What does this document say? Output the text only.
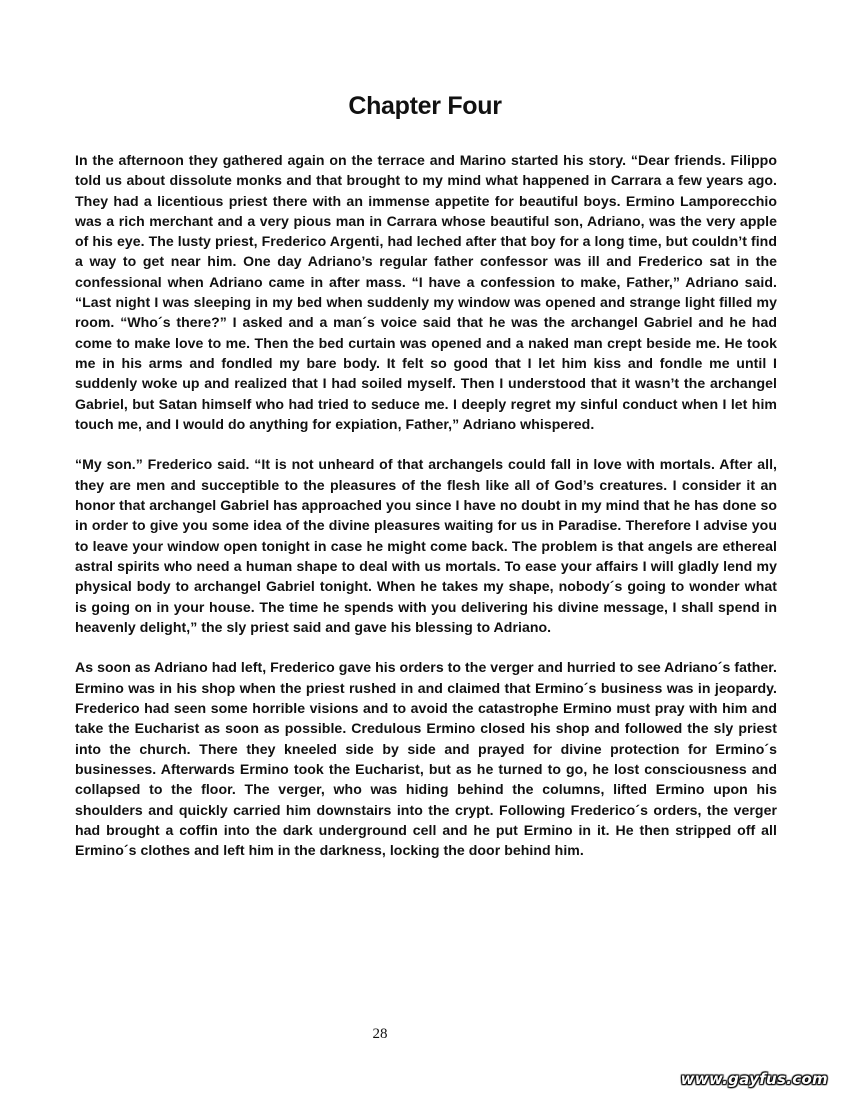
Chapter Four

In the afternoon they gathered again on the terrace and Marino started his story. “Dear friends. Filippo told us about dissolute monks and that brought to my mind what happened in Carrara a few years ago. They had a licentious priest there with an immense appetite for beautiful boys. Ermino Lamporecchio was a rich merchant and a very pious man in Carrara whose beautiful son, Adriano, was the very apple of his eye. The lusty priest, Frederico Argenti, had leched after that boy for a long time, but couldn’t find a way to get near him. One day Adriano’s regular father confessor was ill and Frederico sat in the confessional when Adriano came in after mass. “I have a confession to make, Father,” Adriano said. “Last night I was sleeping in my bed when suddenly my window was opened and strange light filled my room. “Who´s there?” I asked and a man´s voice said that he was the archangel Gabriel and he had come to make love to me. Then the bed curtain was opened and a naked man crept beside me. He took me in his arms and fondled my bare body. It felt so good that I let him kiss and fondle me until I suddenly woke up and realized that I had soiled myself. Then I understood that it wasn’t the archangel Gabriel, but Satan himself who had tried to seduce me. I deeply regret my sinful conduct when I let him touch me, and I would do anything for expiation, Father,” Adriano whispered.

“My son.” Frederico said. “It is not unheard of that archangels could fall in love with mortals. After all, they are men and succeptible to the pleasures of the flesh like all of God’s creatures. I consider it an honor that archangel Gabriel has approached you since I have no doubt in my mind that he has done so in order to give you some idea of the divine pleasures waiting for us in Paradise. Therefore I advise you to leave your window open tonight in case he might come back. The problem is that angels are ethereal astral spirits who need a human shape to deal with us mortals. To ease your affairs I will gladly lend my physical body to archangel Gabriel tonight. When he takes my shape, nobody´s going to wonder what is going on in your house. The time he spends with you delivering his divine message, I shall spend in heavenly delight,” the sly priest said and gave his blessing to Adriano.

As soon as Adriano had left, Frederico gave his orders to the verger and hurried to see Adriano´s father. Ermino was in his shop when the priest rushed in and claimed that Ermino´s business was in jeopardy. Frederico had seen some horrible visions and to avoid the catastrophe Ermino must pray with him and take the Eucharist as soon as possible. Credulous Ermino closed his shop and followed the sly priest into the church. There they kneeled side by side and prayed for divine protection for Ermino´s businesses. Afterwards Ermino took the Eucharist, but as he turned to go, he lost consciousness and collapsed to the floor. The verger, who was hiding behind the columns, lifted Ermino upon his shoulders and quickly carried him downstairs into the crypt. Following Frederico´s orders, the verger had brought a coffin into the dark underground cell and he put Ermino in it. He then stripped off all Ermino´s clothes and left him in the darkness, locking the door behind him.

28
www.gayfus.com
